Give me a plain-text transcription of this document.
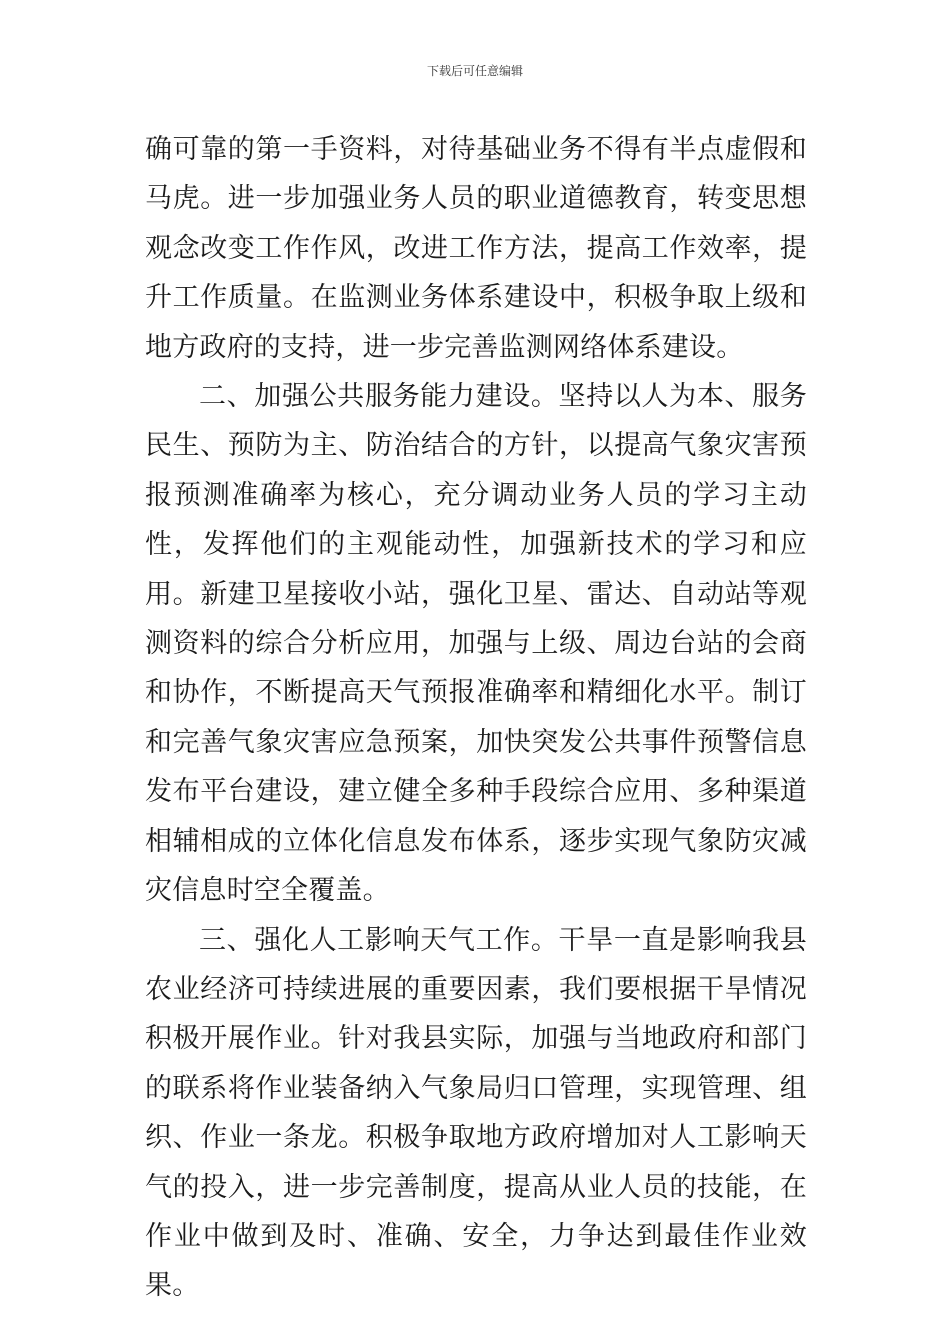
下载后可任意编辑

确可靠的第一手资料，对待基础业务不得有半点虚假和马虎。进一步加强业务人员的职业道德教育，转变思想观念改变工作作风，改进工作方法，提高工作效率，提升工作质量。在监测业务体系建设中，积极争取上级和地方政府的支持，进一步完善监测网络体系建设。

二、加强公共服务能力建设。坚持以人为本、服务民生、预防为主、防治结合的方针，以提高气象灾害预报预测准确率为核心，充分调动业务人员的学习主动性，发挥他们的主观能动性，加强新技术的学习和应用。新建卫星接收小站，强化卫星、雷达、自动站等观测资料的综合分析应用，加强与上级、周边台站的会商和协作，不断提高天气预报准确率和精细化水平。制订和完善气象灾害应急预案，加快突发公共事件预警信息发布平台建设，建立健全多种手段综合应用、多种渠道相辅相成的立体化信息发布体系，逐步实现气象防灾减灾信息时空全覆盖。

三、强化人工影响天气工作。干旱一直是影响我县农业经济可持续进展的重要因素，我们要根据干旱情况积极开展作业。针对我县实际，加强与当地政府和部门的联系将作业装备纳入气象局归口管理，实现管理、组织、作业一条龙。积极争取地方政府增加对人工影响天气的投入，进一步完善制度，提高从业人员的技能，在作业中做到及时、准确、安全，力争达到最佳作业效果。
